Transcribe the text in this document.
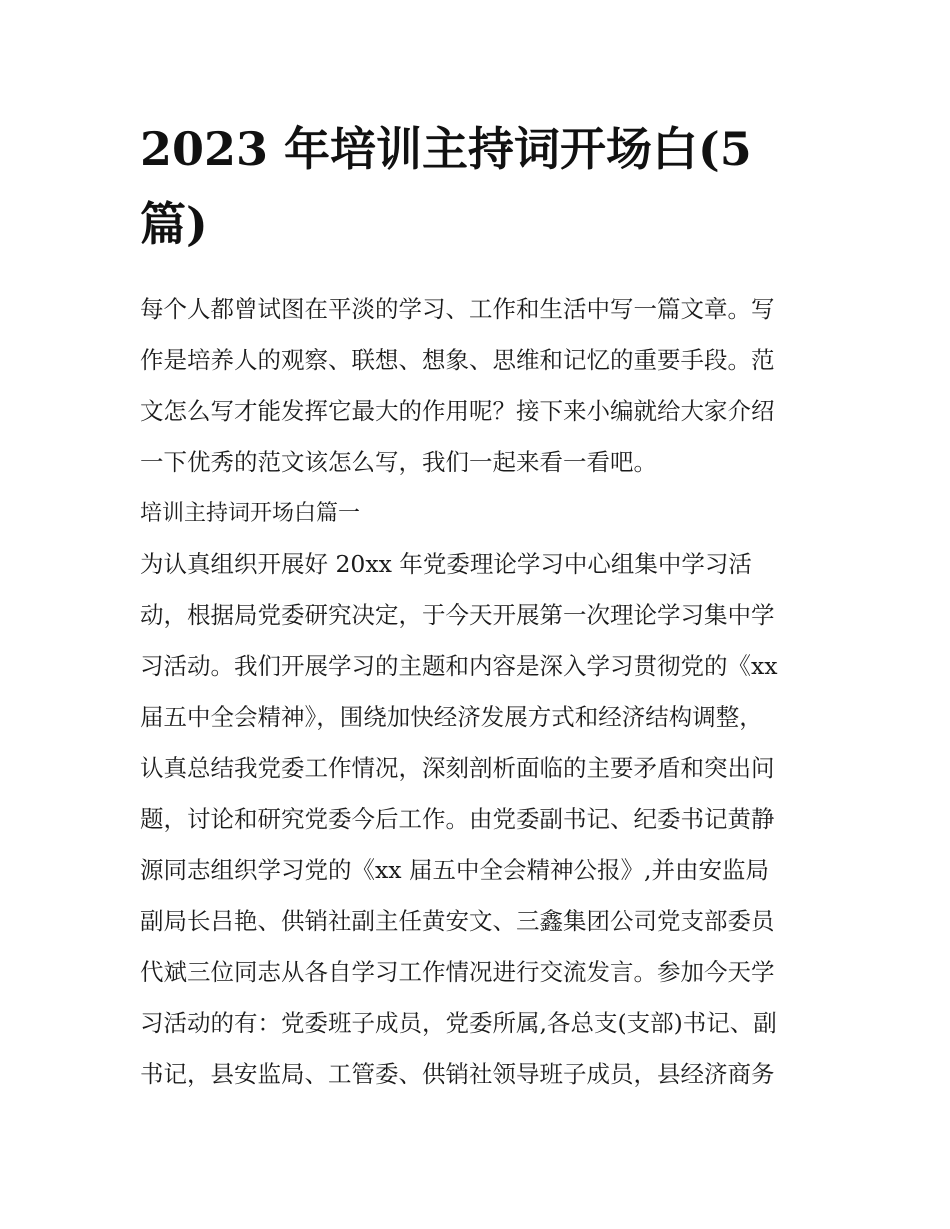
2023 年培训主持词开场白(5
篇)
每个人都曾试图在平淡的学习、工作和生活中写一篇文章。写
作是培养人的观察、联想、想象、思维和记忆的重要手段。范
文怎么写才能发挥它最大的作用呢？接下来小编就给大家介绍
一下优秀的范文该怎么写，我们一起来看一看吧。
培训主持词开场白篇一
为认真组织开展好 20xx 年党委理论学习中心组集中学习活
动，根据局党委研究决定，于今天开展第一次理论学习集中学
习活动。我们开展学习的主题和内容是深入学习贯彻党的《xx
届五中全会精神》，围绕加快经济发展方式和经济结构调整，
认真总结我党委工作情况，深刻剖析面临的主要矛盾和突出问
题，讨论和研究党委今后工作。由党委副书记、纪委书记黄静
源同志组织学习党的《xx 届五中全会精神公报》,并由安监局
副局长吕艳、供销社副主任黄安文、三鑫集团公司党支部委员
代斌三位同志从各自学习工作情况进行交流发言。参加今天学
习活动的有：党委班子成员，党委所属,各总支(支部)书记、副
书记，县安监局、工管委、供销社领导班子成员，县经济商务
